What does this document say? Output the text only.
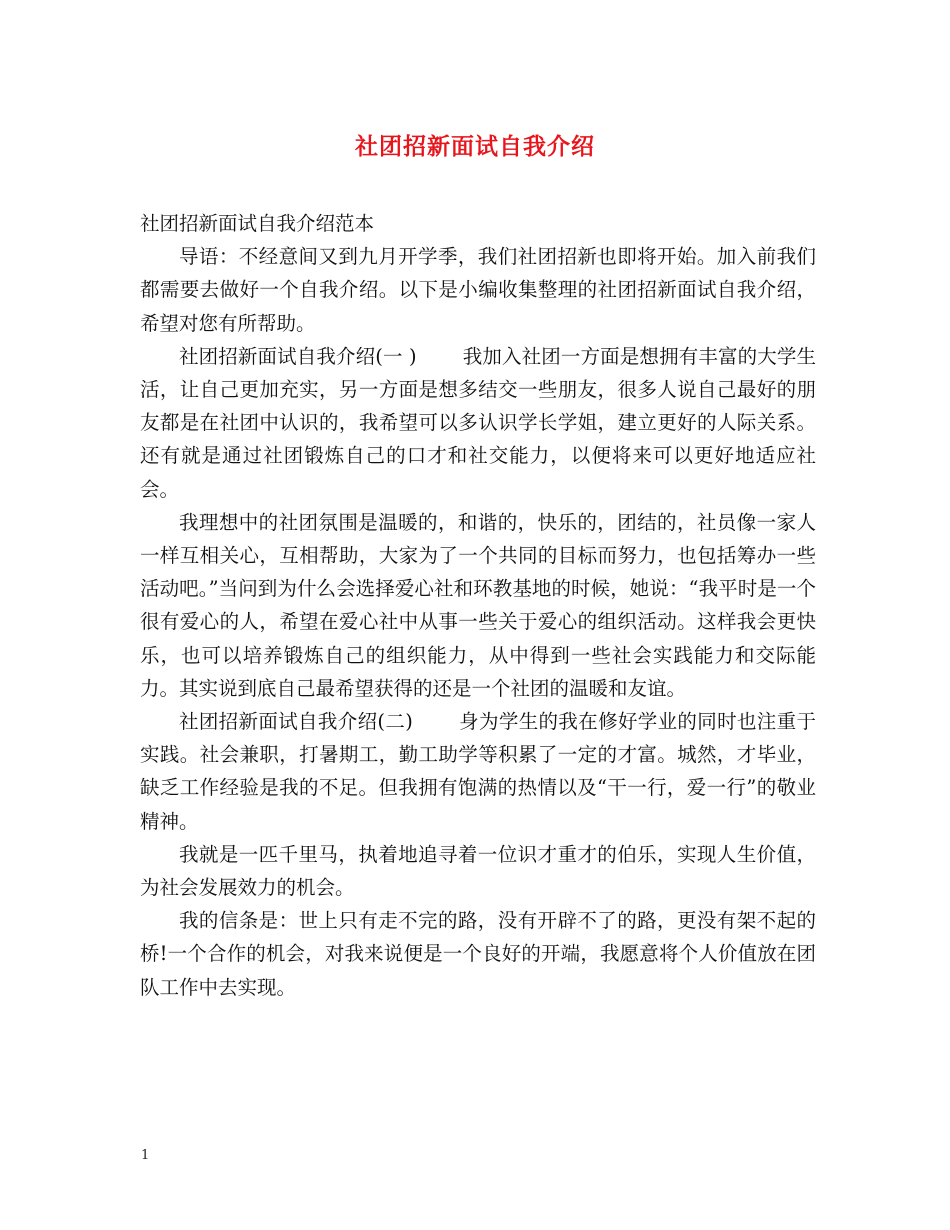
社团招新面试自我介绍

社团招新面试自我介绍范本

导语：不经意间又到九月开学季，我们社团招新也即将开始。加入前我们都需要去做好一个自我介绍。以下是小编收集整理的社团招新面试自我介绍，希望对您有所帮助。

社团招新面试自我介绍(一 ) 我加入社团一方面是想拥有丰富的大学生活，让自己更加充实，另一方面是想多结交一些朋友，很多人说自己最好的朋友都是在社团中认识的，我希望可以多认识学长学姐，建立更好的人际关系。还有就是通过社团锻炼自己的口才和社交能力，以便将来可以更好地适应社会。

我理想中的社团氛围是温暖的，和谐的，快乐的，团结的，社员像一家人一样互相关心，互相帮助，大家为了一个共同的目标而努力，也包括筹办一些活动吧。”当问到为什么会选择爱心社和环教基地的时候，她说：“我平时是一个很有爱心的人，希望在爱心社中从事一些关于爱心的组织活动。这样我会更快乐，也可以培养锻炼自己的组织能力，从中得到一些社会实践能力和交际能力。其实说到底自己最希望获得的还是一个社团的温暖和友谊。

社团招新面试自我介绍(二) 身为学生的我在修好学业的同时也注重于实践。社会兼职，打暑期工，勤工助学等积累了一定的才富。城然，才毕业，缺乏工作经验是我的不足。但我拥有饱满的热情以及“干一行，爱一行”的敬业精神。

我就是一匹千里马，执着地追寻着一位识才重才的伯乐，实现人生价值，为社会发展效力的机会。

我的信条是：世上只有走不完的路，没有开辟不了的路，更没有架不起的桥!一个合作的机会，对我来说便是一个良好的开端，我愿意将个人价值放在团队工作中去实现。

1
